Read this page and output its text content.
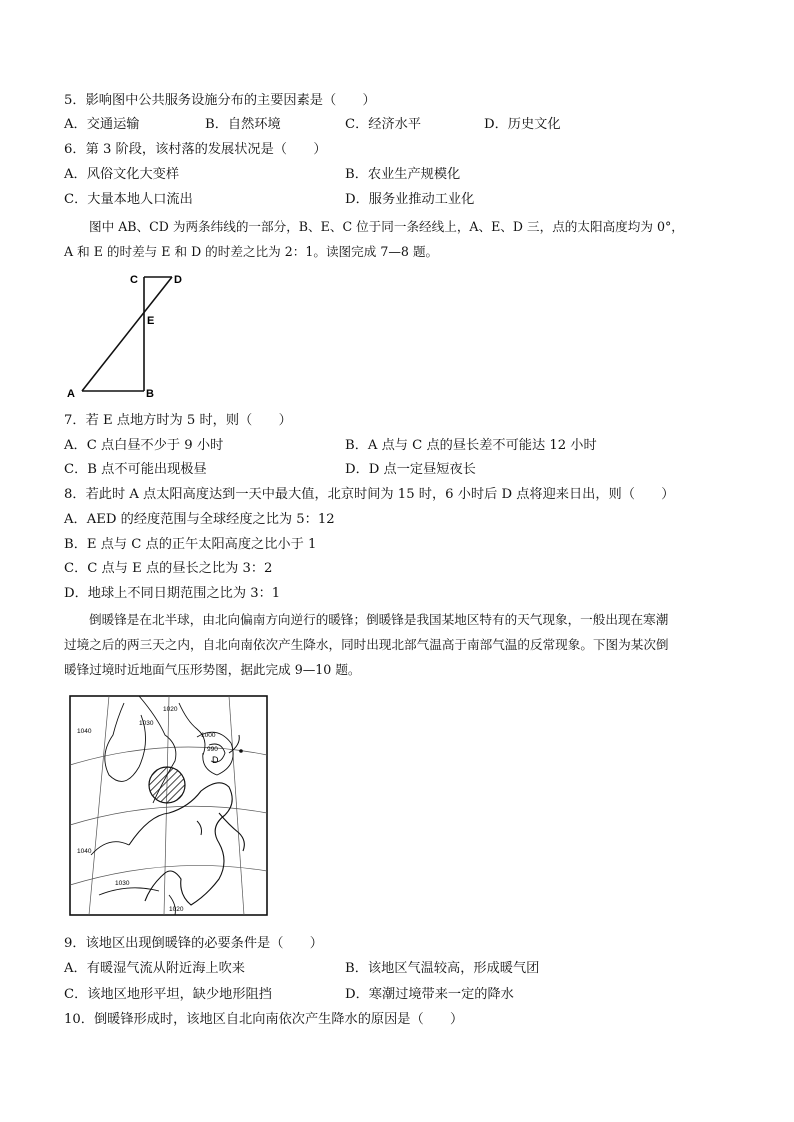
5．影响图中公共服务设施分布的主要因素是（　　）
A．交通运输	B．自然环境	C．经济水平	D．历史文化
6．第 3 阶段，该村落的发展状况是（　　）
A．风俗文化大变样	B．农业生产规模化
C．大量本地人口流出	D．服务业推动工业化
图中 AB、CD 为两条纬线的一部分，B、E、C 位于同一条经线上，A、E、D 三，点的太阳高度均为 0°，
A 和 E 的时差与 E 和 D 的时差之比为 2：1。读图完成 7—8 题。
C	D
E
A	B
7．若 E 点地方时为 5 时，则（　　）
A．C 点白昼不少于 9 小时	B．A 点与 C 点的昼长差不可能达 12 小时
C．B 点不可能出现极昼	D．D 点一定昼短夜长
8．若此时 A 点太阳高度达到一天中最大值，北京时间为 15 时，6 小时后 D 点将迎来日出，则（　　）
A．AED 的经度范围与全球经度之比为 5：12
B．E 点与 C 点的正午太阳高度之比小于 1
C．C 点与 E 点的昼长之比为 3：2
D．地球上不同日期范围之比为 3：1
倒暖锋是在北半球，由北向偏南方向逆行的暖锋；倒暖锋是我国某地区特有的天气现象，一般出现在寒潮
过境之后的两三天之内，自北向南依次产生降水，同时出现北部气温高于南部气温的反常现象。下图为某次倒
暖锋过境时近地面气压形势图，据此完成 9—10 题。
1030
1020
1040
1000
990
1040
1030
1020
D
9．该地区出现倒暖锋的必要条件是（　　）
A．有暖湿气流从附近海上吹来	B．该地区气温较高，形成暖气团
C．该地区地形平坦，缺少地形阻挡	D．寒潮过境带来一定的降水
10．倒暖锋形成时，该地区自北向南依次产生降水的原因是（　　）
